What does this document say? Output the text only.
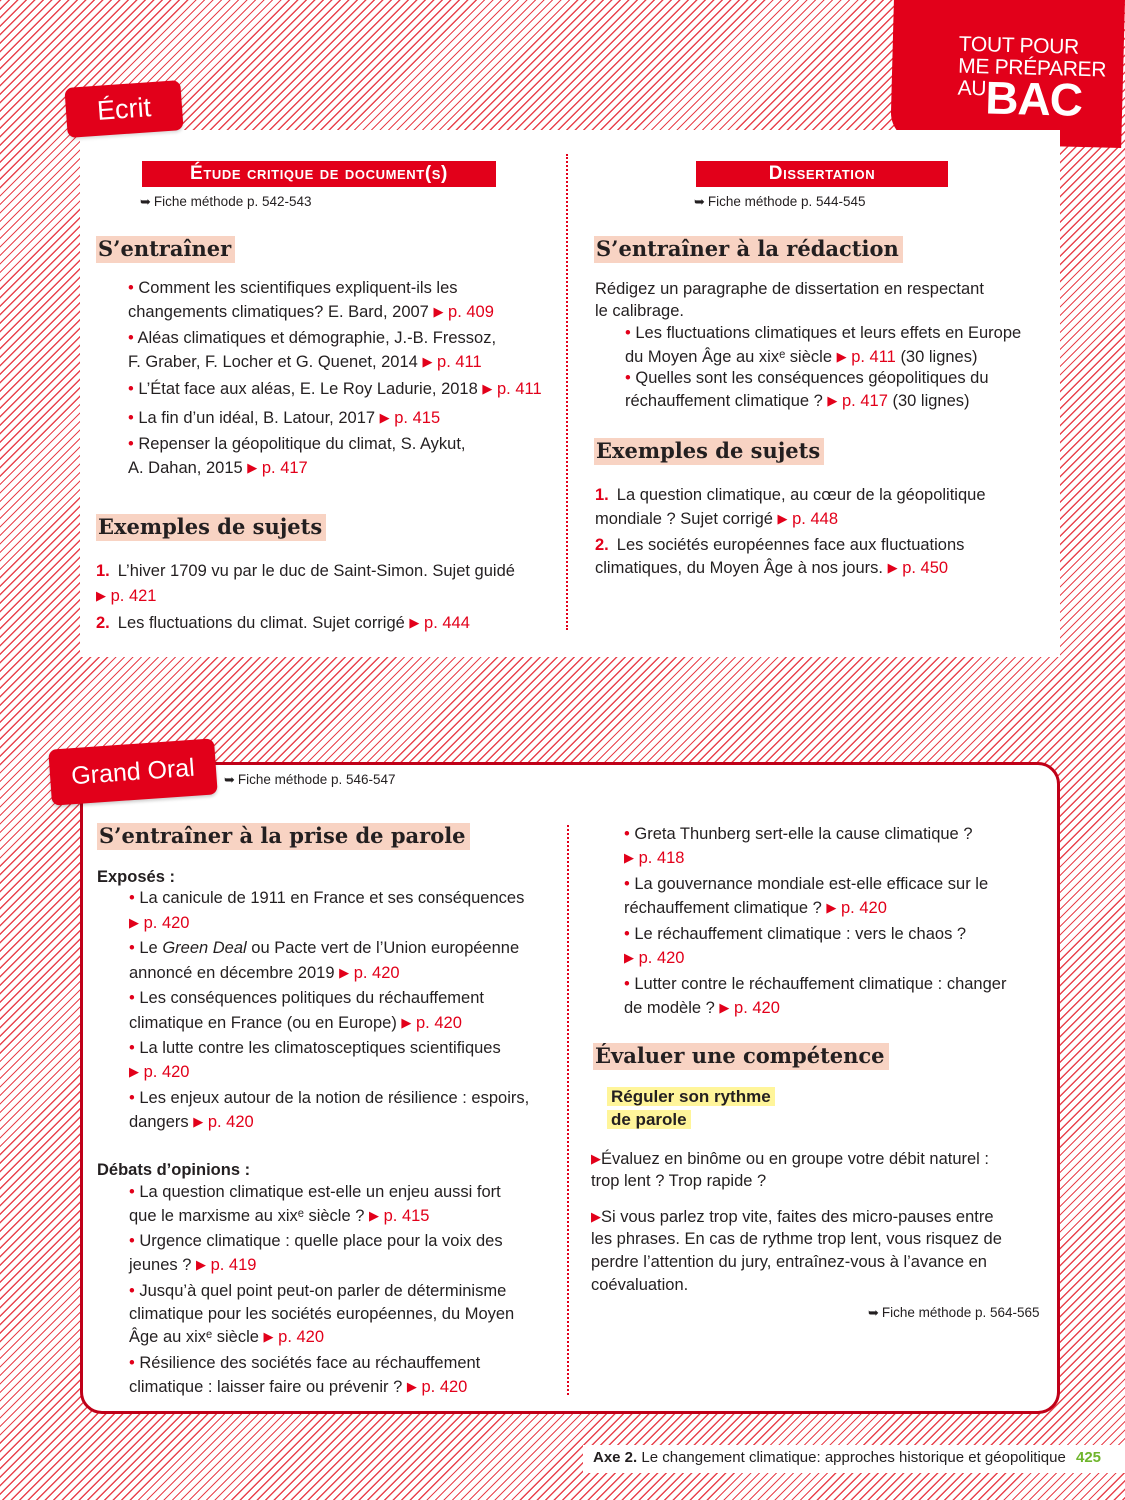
TOUT POUR
ME PRÉPARER
AU
BAC
Étude critique de document(s)
➥ Fiche méthode p. 542-543
S’entraîner
• Comment les scientifiques expliquent-ils les
changements climatiques? E. Bard, 2007 ▶ p. 409
• Aléas climatiques et démographie, J.-B. Fressoz,
F. Graber, F. Locher et G. Quenet, 2014 ▶ p. 411
• L’État face aux aléas, E. Le Roy Ladurie, 2018 ▶ p. 411
• La fin d’un idéal, B. Latour, 2017 ▶ p. 415
• Repenser la géopolitique du climat, S. Aykut,
A. Dahan, 2015 ▶ p. 417
Exemples de sujets
1. L’hiver 1709 vu par le duc de Saint-Simon. Sujet guidé
▶ p. 421
2. Les fluctuations du climat. Sujet corrigé ▶ p. 444
Dissertation
➥ Fiche méthode p. 544-545
S’entraîner à la rédaction
Rédigez un paragraphe de dissertation en respectant
le calibrage.
• Les fluctuations climatiques et leurs effets en Europe
du Moyen Âge au xixᵉ siècle ▶ p. 411 (30 lignes)
• Quelles sont les conséquences géopolitiques du
réchauffement climatique ? ▶ p. 417 (30 lignes)
Exemples de sujets
1. La question climatique, au cœur de la géopolitique
mondiale ? Sujet corrigé ▶ p. 448
2. Les sociétés européennes face aux fluctuations
climatiques, du Moyen Âge à nos jours. ▶ p. 450
Écrit
S’entraîner à la prise de parole
Exposés :
• La canicule de 1911 en France et ses conséquences
▶ p. 420
• Le Green Deal ou Pacte vert de l’Union européenne
annoncé en décembre 2019 ▶ p. 420
• Les conséquences politiques du réchauffement
climatique en France (ou en Europe) ▶ p. 420
• La lutte contre les climatosceptiques scientifiques
▶ p. 420
• Les enjeux autour de la notion de résilience : espoirs,
dangers ▶ p. 420
Débats d’opinions :
• La question climatique est-elle un enjeu aussi fort
que le marxisme au xixᵉ siècle ? ▶ p. 415
• Urgence climatique : quelle place pour la voix des
jeunes ? ▶ p. 419
• Jusqu’à quel point peut-on parler de déterminisme
climatique pour les sociétés européennes, du Moyen
Âge au xixᵉ siècle ▶ p. 420
• Résilience des sociétés face au réchauffement
climatique : laisser faire ou prévenir ? ▶ p. 420
• Greta Thunberg sert-elle la cause climatique ?
▶ p. 418
• La gouvernance mondiale est-elle efficace sur le
réchauffement climatique ? ▶ p. 420
• Le réchauffement climatique : vers le chaos ?
▶ p. 420
• Lutter contre le réchauffement climatique : changer
de modèle ? ▶ p. 420
Évaluer une compétence
Réguler son rythme
de parole
▶Évaluez en binôme ou en groupe votre débit naturel :
trop lent ? Trop rapide ?
▶Si vous parlez trop vite, faites des micro-pauses entre
les phrases. En cas de rythme trop lent, vous risquez de
perdre l’attention du jury, entraînez-vous à l’avance en
coévaluation.
➥ Fiche méthode p. 564-565
Grand Oral	➥ Fiche méthode p. 546-547
Axe 2. Le changement climatique: approches historique et géopolitique 425
